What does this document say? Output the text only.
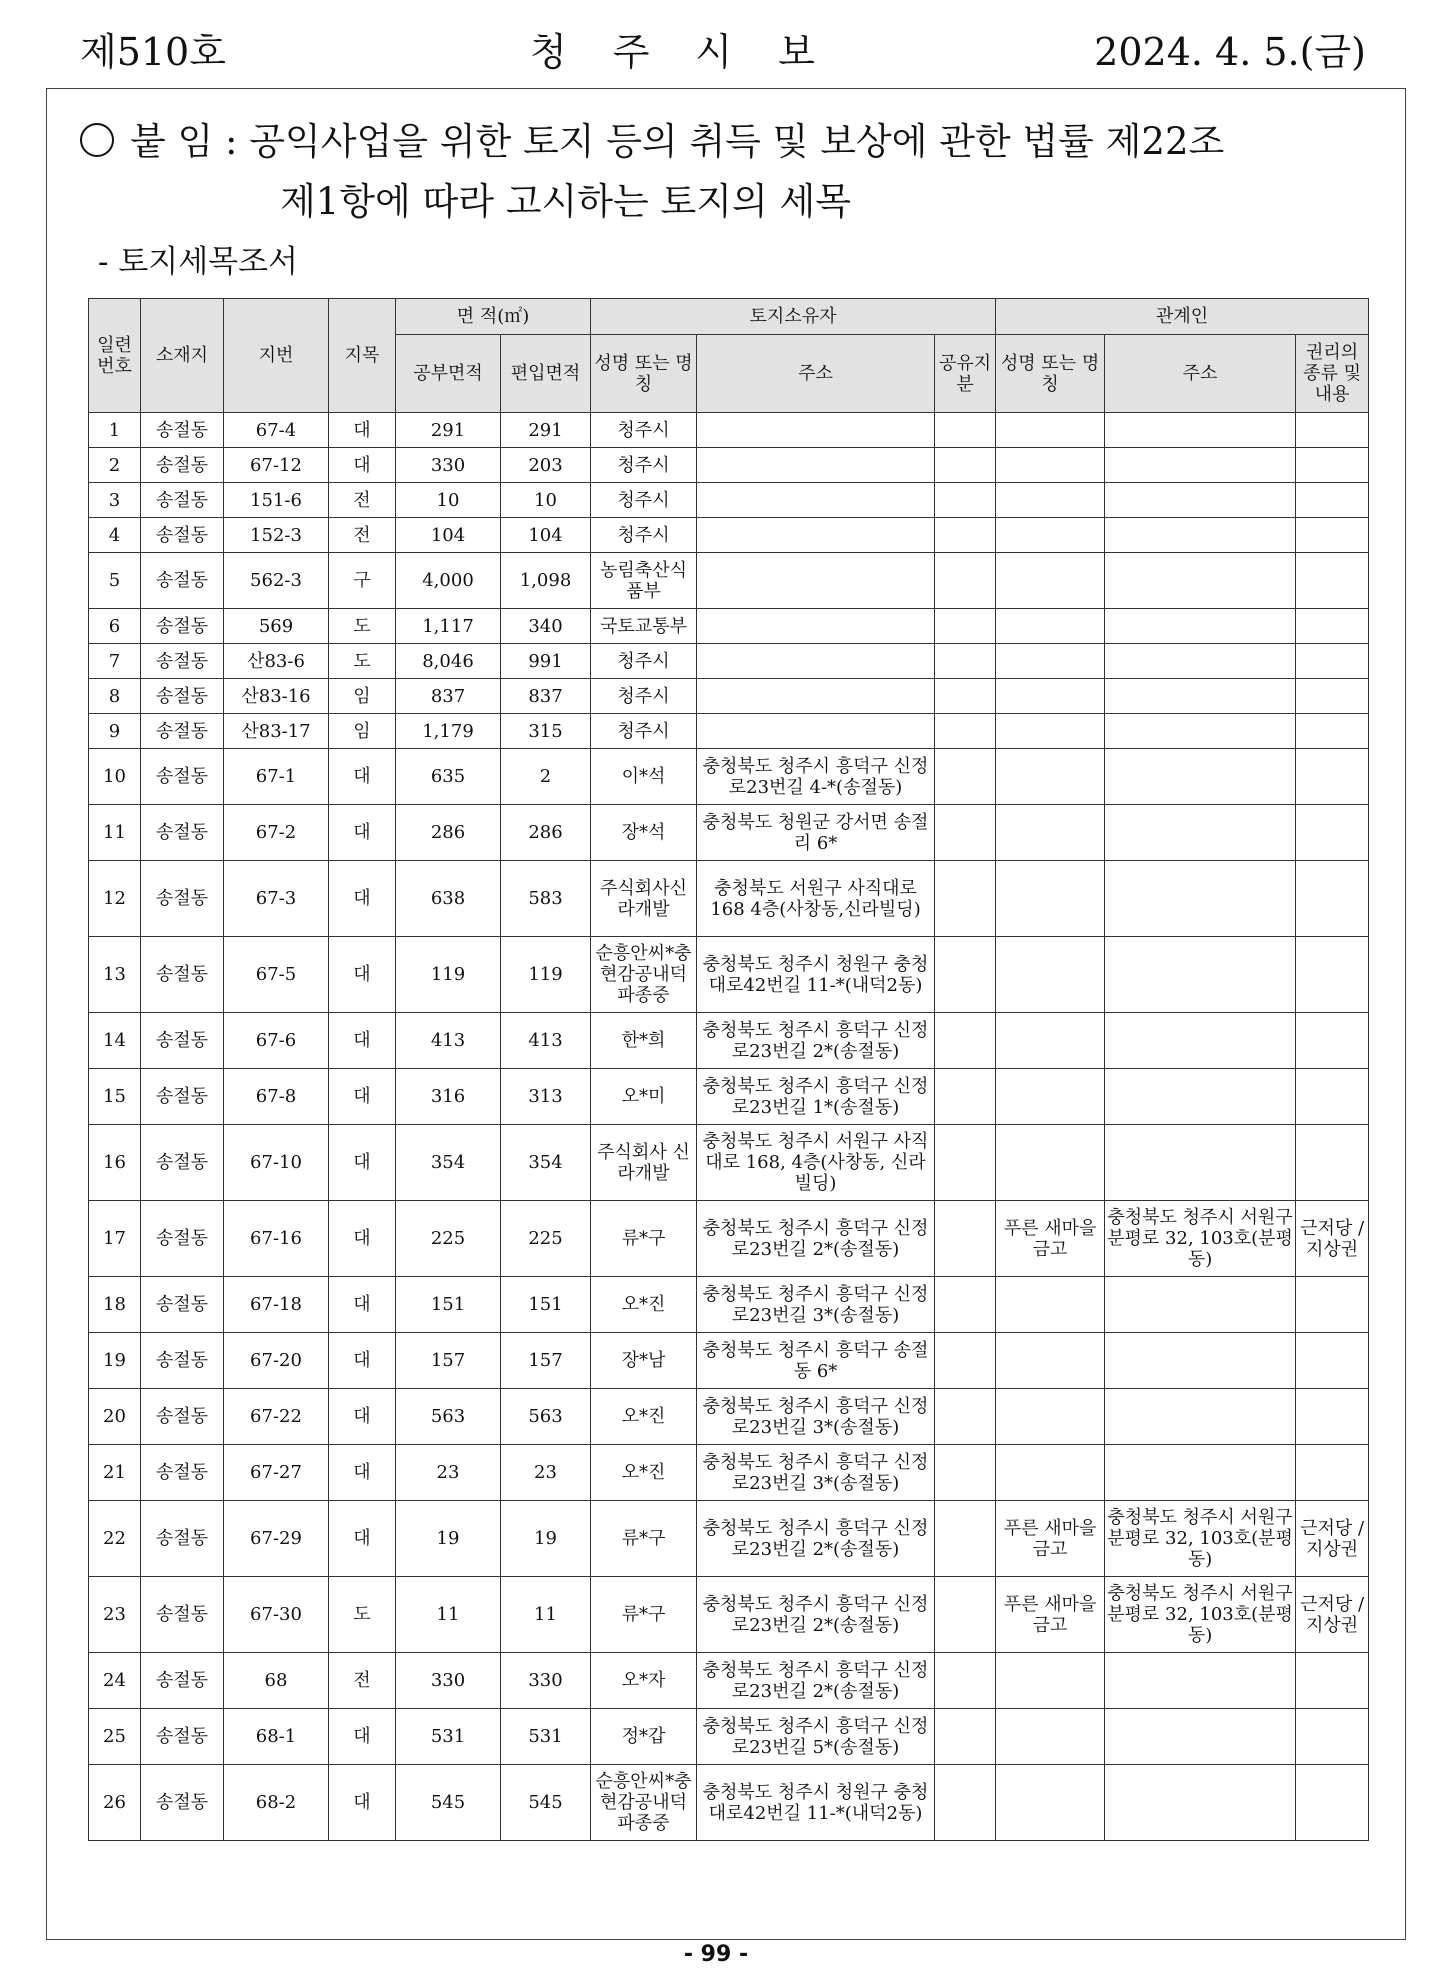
제510호	청주시보	2024. 4. 5.(금)
붙 임 : 공익사업을 위한 토지 등의 취득 및 보상에 관한 법률 제22조
제1항에 따라 고시하는 토지의 세목
- 토지세목조서
일련번호	소재지	지번	지목	면 적(㎡)		토지소유자			관계인		
				공부면적	편입면적	성명 또는 명칭	주소	공유지분	성명 또는 명칭	주소	권리의 종류 및 내용
1	송절동	67-4	대	291	291	청주시					
2	송절동	67-12	대	330	203	청주시					
3	송절동	151-6	전	10	10	청주시					
4	송절동	152-3	전	104	104	청주시					
5	송절동	562-3	구	4,000	1,098	농림축산식품부					
6	송절동	569	도	1,117	340	국토교통부					
7	송절동	산83-6	도	8,046	991	청주시					
8	송절동	산83-16	임	837	837	청주시					
9	송절동	산83-17	임	1,179	315	청주시					
10	송절동	67-1	대	635	2	이*석	충청북도 청주시 흥덕구 신정로23번길 4-*(송절동)				
11	송절동	67-2	대	286	286	장*석	충청북도 청원군 강서면 송절리 6*				
12	송절동	67-3	대	638	583	주식회사신라개발	충청북도 서원구 사직대로 168 4층(사창동,신라빌딩)				
13	송절동	67-5	대	119	119	순흥안씨*충현감공내덕파종중	충청북도 청주시 청원구 충청대로42번길 11-*(내덕2동)				
14	송절동	67-6	대	413	413	한*희	충청북도 청주시 흥덕구 신정로23번길 2*(송절동)				
15	송절동	67-8	대	316	313	오*미	충청북도 청주시 흥덕구 신정로23번길 1*(송절동)				
16	송절동	67-10	대	354	354	주식회사 신라개발	충청북도 청주시 서원구 사직대로 168, 4층(사창동, 신라빌딩)				
17	송절동	67-16	대	225	225	류*구	충청북도 청주시 흥덕구 신정로23번길 2*(송절동)		푸른 새마을금고	충청북도 청주시 서원구 분평로 32, 103호(분평동)	근저당 /지상권
18	송절동	67-18	대	151	151	오*진	충청북도 청주시 흥덕구 신정로23번길 3*(송절동)				
19	송절동	67-20	대	157	157	장*남	충청북도 청주시 흥덕구 송절동 6*				
20	송절동	67-22	대	563	563	오*진	충청북도 청주시 흥덕구 신정로23번길 3*(송절동)				
21	송절동	67-27	대	23	23	오*진	충청북도 청주시 흥덕구 신정로23번길 3*(송절동)				
22	송절동	67-29	대	19	19	류*구	충청북도 청주시 흥덕구 신정로23번길 2*(송절동)		푸른 새마을금고	충청북도 청주시 서원구 분평로 32, 103호(분평동)	근저당 /지상권
23	송절동	67-30	도	11	11	류*구	충청북도 청주시 흥덕구 신정로23번길 2*(송절동)		푸른 새마을금고	충청북도 청주시 서원구 분평로 32, 103호(분평동)	근저당 /지상권
24	송절동	68	전	330	330	오*자	충청북도 청주시 흥덕구 신정로23번길 2*(송절동)				
25	송절동	68-1	대	531	531	정*갑	충청북도 청주시 흥덕구 신정로23번길 5*(송절동)				
26	송절동	68-2	대	545	545	순흥안씨*충현감공내덕파종중	충청북도 청주시 청원구 충청대로42번길 11-*(내덕2동)				
- 99 -
